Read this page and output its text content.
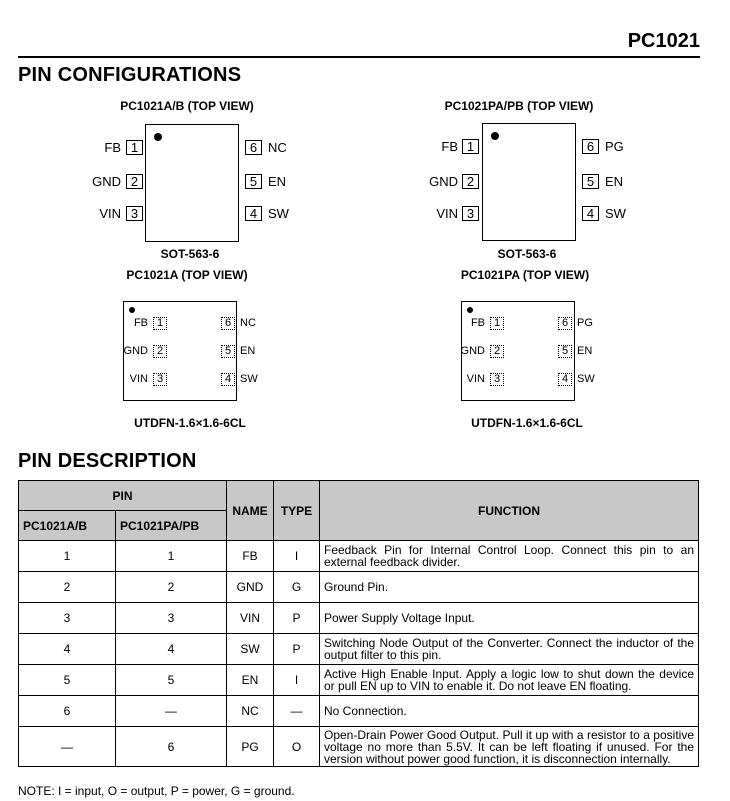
PC1021
PIN CONFIGURATIONS
PC1021A/B (TOP VIEW)
FB 1
GND 2
VIN 3
6 NC
5 EN
4 SW
SOT-563-6
PC1021PA/PB (TOP VIEW)
FB 1
GND 2
VIN 3
6 PG
5 EN
4 SW
SOT-563-6
PC1021A (TOP VIEW)
FB 1
GND 2
VIN 3
6 NC
5 EN
4 SW
UTDFN-1.6×1.6-6CL
PC1021PA (TOP VIEW)
FB 1
GND 2
VIN 3
6 PG
5 EN
4 SW
UTDFN-1.6×1.6-6CL
PIN DESCRIPTION
PIN		NAME	TYPE	FUNCTION
PC1021A/B	PC1021PA/PB			
1	1	FB	I	Feedback Pin for Internal Control Loop. Connect this pin to an external feedback divider.
2	2	GND	G	Ground Pin.
3	3	VIN	P	Power Supply Voltage Input.
4	4	SW	P	Switching Node Output of the Converter. Connect the inductor of the output filter to this pin.
5	5	EN	I	Active High Enable Input. Apply a logic low to shut down the device or pull EN up to VIN to enable it. Do not leave EN floating.
6	—	NC	—	No Connection.
—	6	PG	O	Open-Drain Power Good Output. Pull it up with a resistor to a positive voltage no more than 5.5V. It can be left floating if unused. For the version without power good function, it is disconnection internally.
NOTE: I = input, O = output, P = power, G = ground.
